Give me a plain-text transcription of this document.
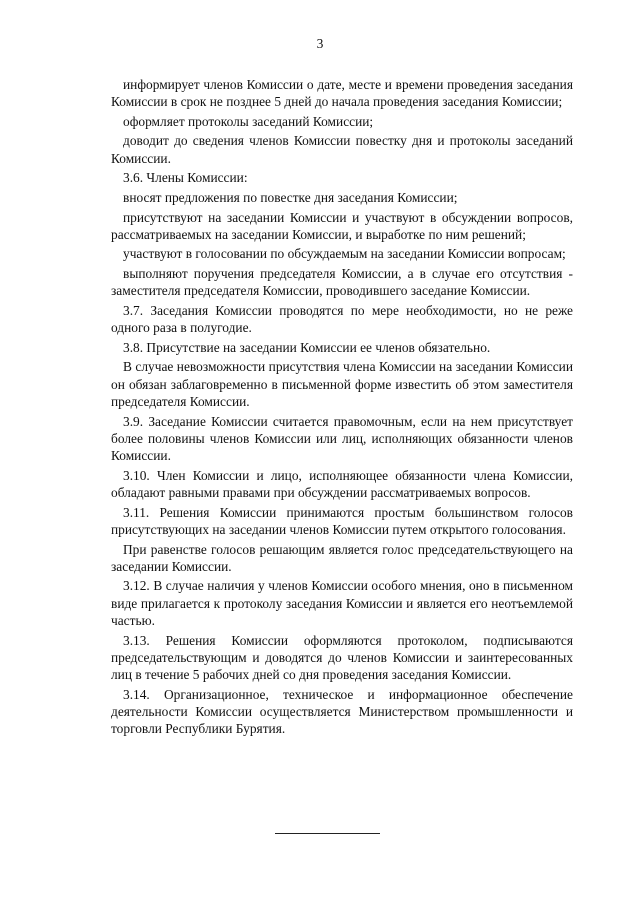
3

информирует членов Комиссии о дате, месте и времени проведения заседания Комиссии в срок не позднее 5 дней до начала проведения заседания Комиссии;

оформляет протоколы заседаний Комиссии;

доводит до сведения членов Комиссии повестку дня и протоколы заседаний Комиссии.

3.6. Члены Комиссии:

вносят предложения по повестке дня заседания Комиссии;

присутствуют на заседании Комиссии и участвуют в обсуждении вопросов, рассматриваемых на заседании Комиссии, и выработке по ним решений;

участвуют в голосовании по обсуждаемым на заседании Комиссии вопросам;

выполняют поручения председателя Комиссии, а в случае его отсутствия - заместителя председателя Комиссии, проводившего заседание Комиссии.

3.7. Заседания Комиссии проводятся по мере необходимости, но не реже одного раза в полугодие.

3.8. Присутствие на заседании Комиссии ее членов обязательно.

В случае невозможности присутствия члена Комиссии на заседании Комиссии он обязан заблаговременно в письменной форме известить об этом заместителя председателя Комиссии.

3.9. Заседание Комиссии считается правомочным, если на нем присутствует более половины членов Комиссии или лиц, исполняющих обязанности членов Комиссии.

3.10. Член Комиссии и лицо, исполняющее обязанности члена Комиссии, обладают равными правами при обсуждении рассматриваемых вопросов.

3.11. Решения Комиссии принимаются простым большинством голосов присутствующих на заседании членов Комиссии путем открытого голосования.

При равенстве голосов решающим является голос председательствующего на заседании Комиссии.

3.12. В случае наличия у членов Комиссии особого мнения, оно в письменном виде прилагается к протоколу заседания Комиссии и является его неотъемлемой частью.

3.13. Решения Комиссии оформляются протоколом, подписываются председательствующим и доводятся до членов Комиссии и заинтересованных лиц в течение 5 рабочих дней со дня проведения заседания Комиссии.

3.14. Организационное, техническое и информационное обеспечение деятельности Комиссии осуществляется Министерством промышленности и торговли Республики Бурятия.
